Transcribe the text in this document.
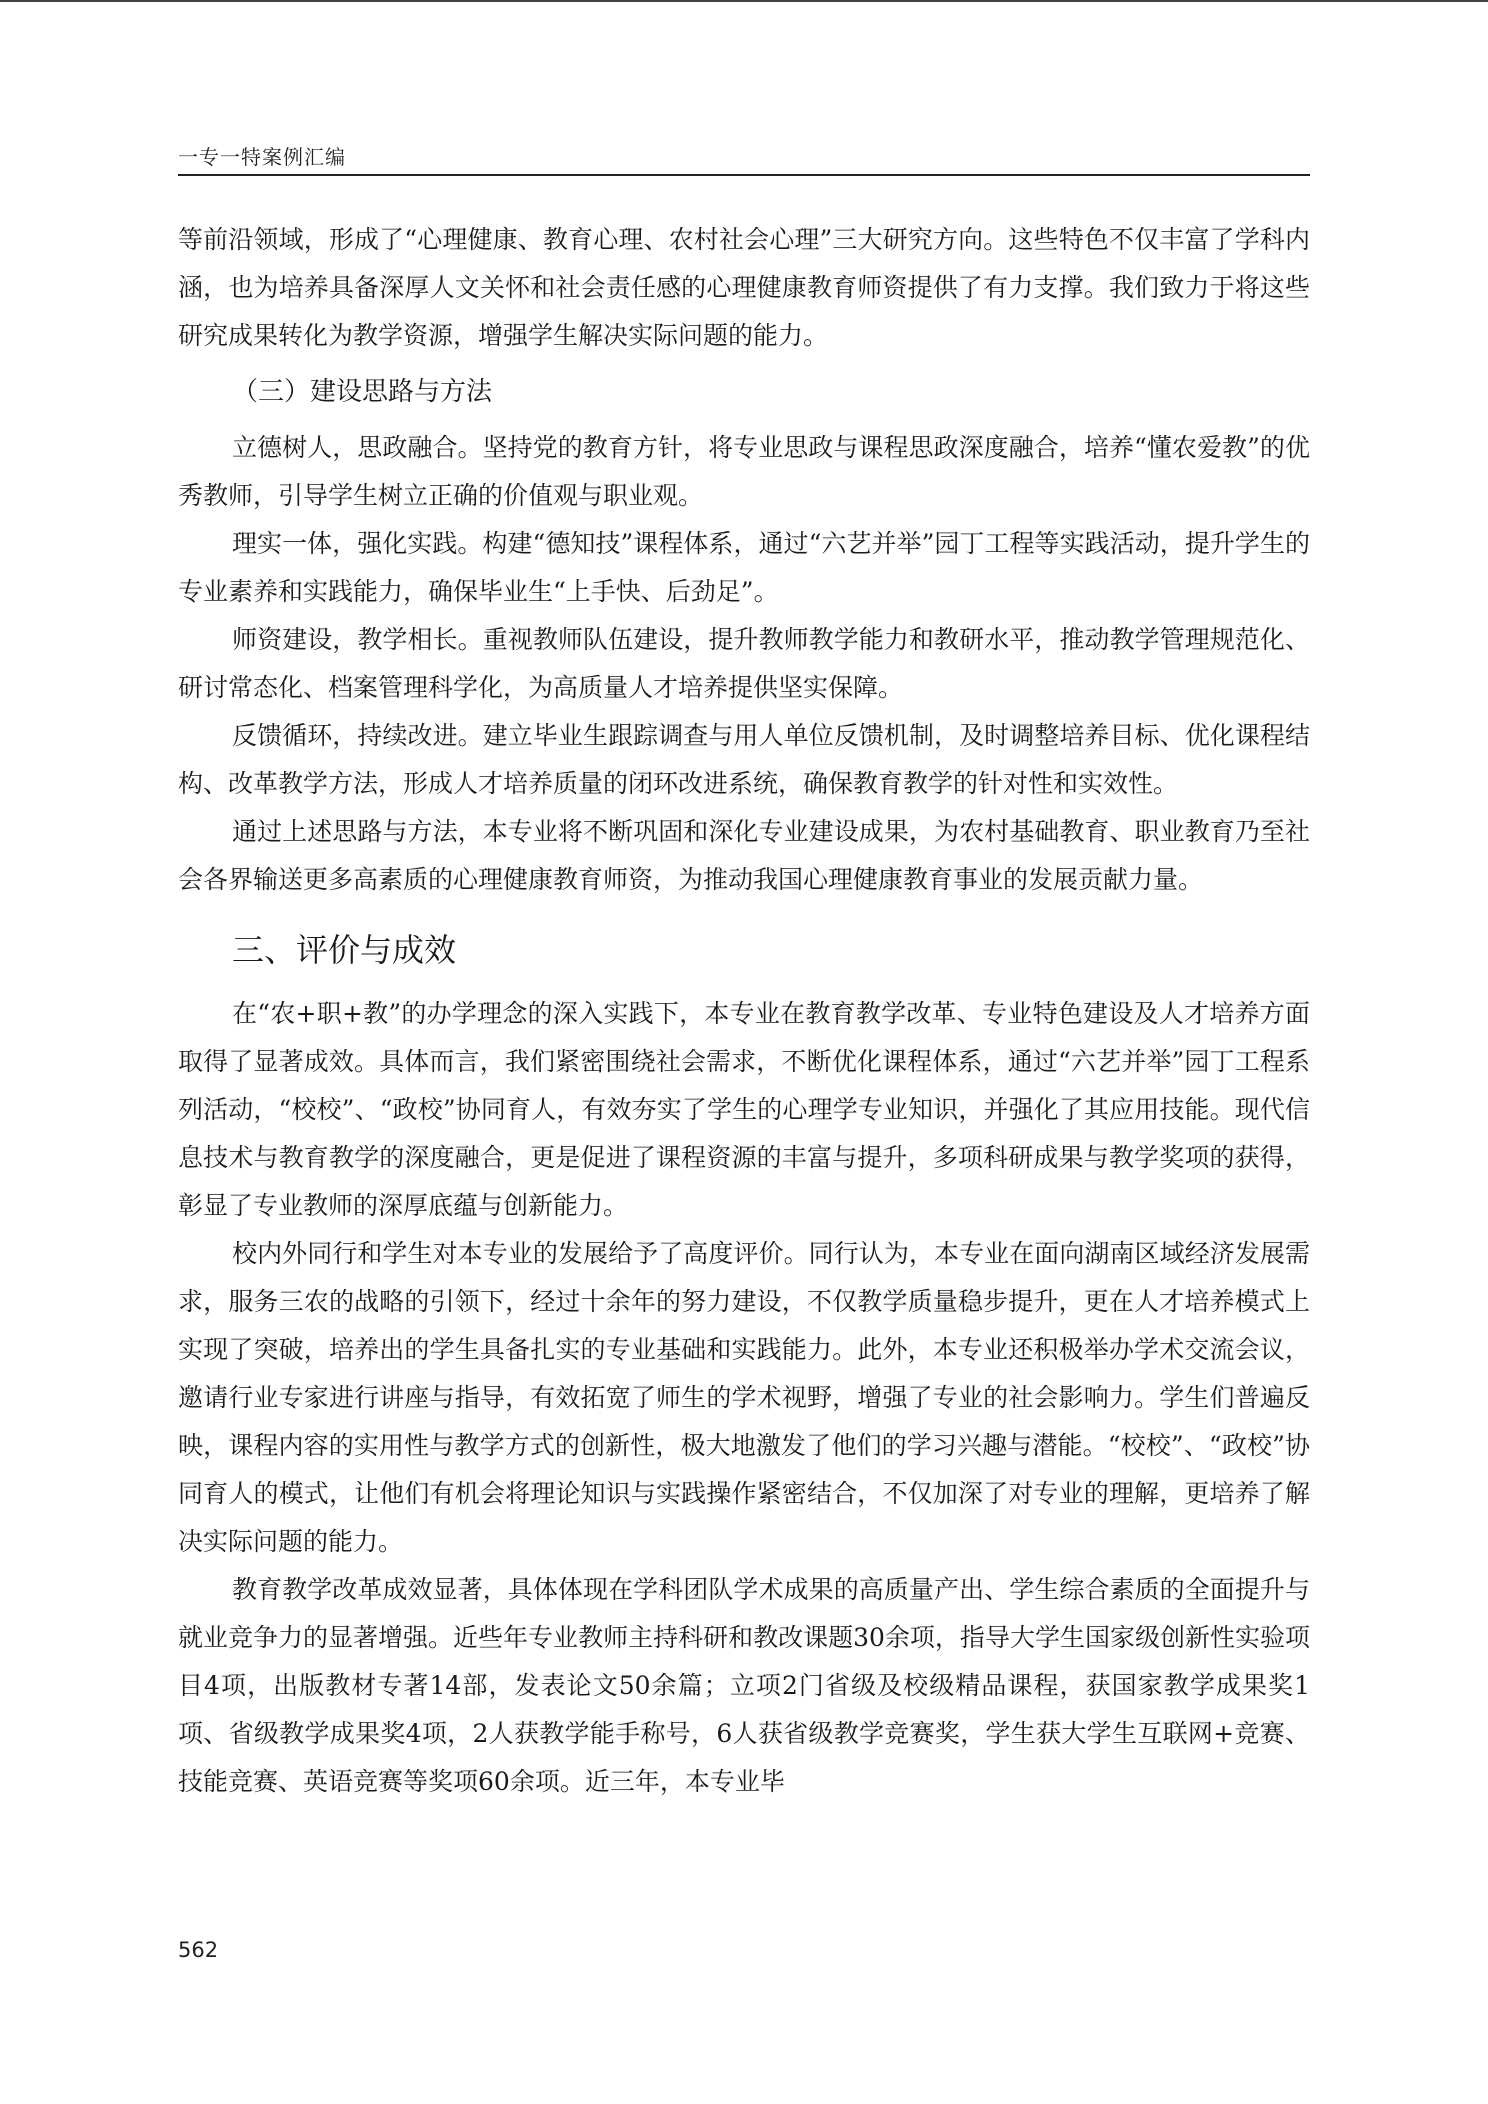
一专一特案例汇编

等前沿领域，形成了“心理健康、教育心理、农村社会心理”三大研究方向。这些特色不仅丰富了学科内涵，也为培养具备深厚人文关怀和社会责任感的心理健康教育师资提供了有力支撑。我们致力于将这些研究成果转化为教学资源，增强学生解决实际问题的能力。

（三）建设思路与方法

立德树人，思政融合。坚持党的教育方针，将专业思政与课程思政深度融合，培养“懂农爱教”的优秀教师，引导学生树立正确的价值观与职业观。

理实一体，强化实践。构建“德知技”课程体系，通过“六艺并举”园丁工程等实践活动，提升学生的专业素养和实践能力，确保毕业生“上手快、后劲足”。

师资建设，教学相长。重视教师队伍建设，提升教师教学能力和教研水平，推动教学管理规范化、研讨常态化、档案管理科学化，为高质量人才培养提供坚实保障。

反馈循环，持续改进。建立毕业生跟踪调查与用人单位反馈机制，及时调整培养目标、优化课程结构、改革教学方法，形成人才培养质量的闭环改进系统，确保教育教学的针对性和实效性。

通过上述思路与方法，本专业将不断巩固和深化专业建设成果，为农村基础教育、职业教育乃至社会各界输送更多高素质的心理健康教育师资，为推动我国心理健康教育事业的发展贡献力量。

三、评价与成效

在“农+职+教”的办学理念的深入实践下，本专业在教育教学改革、专业特色建设及人才培养方面取得了显著成效。具体而言，我们紧密围绕社会需求，不断优化课程体系，通过“六艺并举”园丁工程系列活动，“校校”、“政校”协同育人，有效夯实了学生的心理学专业知识，并强化了其应用技能。现代信息技术与教育教学的深度融合，更是促进了课程资源的丰富与提升，多项科研成果与教学奖项的获得，彰显了专业教师的深厚底蕴与创新能力。

校内外同行和学生对本专业的发展给予了高度评价。同行认为，本专业在面向湖南区域经济发展需求，服务三农的战略的引领下，经过十余年的努力建设，不仅教学质量稳步提升，更在人才培养模式上实现了突破，培养出的学生具备扎实的专业基础和实践能力。此外，本专业还积极举办学术交流会议，邀请行业专家进行讲座与指导，有效拓宽了师生的学术视野，增强了专业的社会影响力。学生们普遍反映，课程内容的实用性与教学方式的创新性，极大地激发了他们的学习兴趣与潜能。“校校”、“政校”协同育人的模式，让他们有机会将理论知识与实践操作紧密结合，不仅加深了对专业的理解，更培养了解决实际问题的能力。

教育教学改革成效显著，具体体现在学科团队学术成果的高质量产出、学生综合素质的全面提升与就业竞争力的显著增强。近些年专业教师主持科研和教改课题30余项，指导大学生国家级创新性实验项目4项，出版教材专著14部，发表论文50余篇；立项2门省级及校级精品课程，获国家教学成果奖1项、省级教学成果奖4项，2人获教学能手称号，6人获省级教学竞赛奖，学生获大学生互联网+竞赛、技能竞赛、英语竞赛等奖项60余项。近三年，本专业毕

562
